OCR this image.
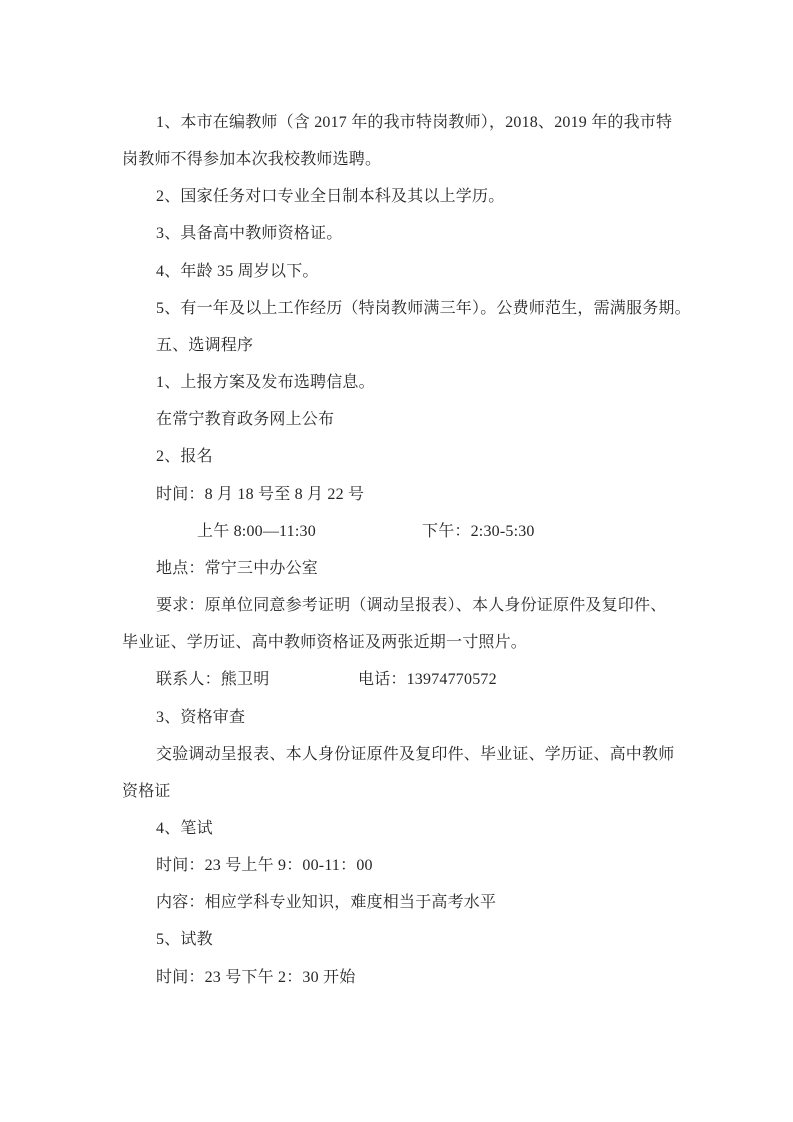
1、本市在编教师（含 2017 年的我市特岗教师），2018、2019 年的我市特
岗教师不得参加本次我校教师选聘。
2、国家任务对口专业全日制本科及其以上学历。
3、具备高中教师资格证。
4、年龄 35 周岁以下。
5、有一年及以上工作经历（特岗教师满三年）。公费师范生，需满服务期。
五、选调程序
1、上报方案及发布选聘信息。
在常宁教育政务网上公布
2、报名
时间：8 月 18 号至 8 月 22 号
上午 8:00—11:30	下午：2:30-5:30
地点：常宁三中办公室
要求：原单位同意参考证明（调动呈报表）、本人身份证原件及复印件、
毕业证、学历证、高中教师资格证及两张近期一寸照片。
联系人：熊卫明	电话：13974770572
3、资格审查
交验调动呈报表、本人身份证原件及复印件、毕业证、学历证、高中教师
资格证
4、笔试
时间：23 号上午 9：00-11：00
内容：相应学科专业知识，难度相当于高考水平
5、试教
时间：23 号下午 2：30 开始
